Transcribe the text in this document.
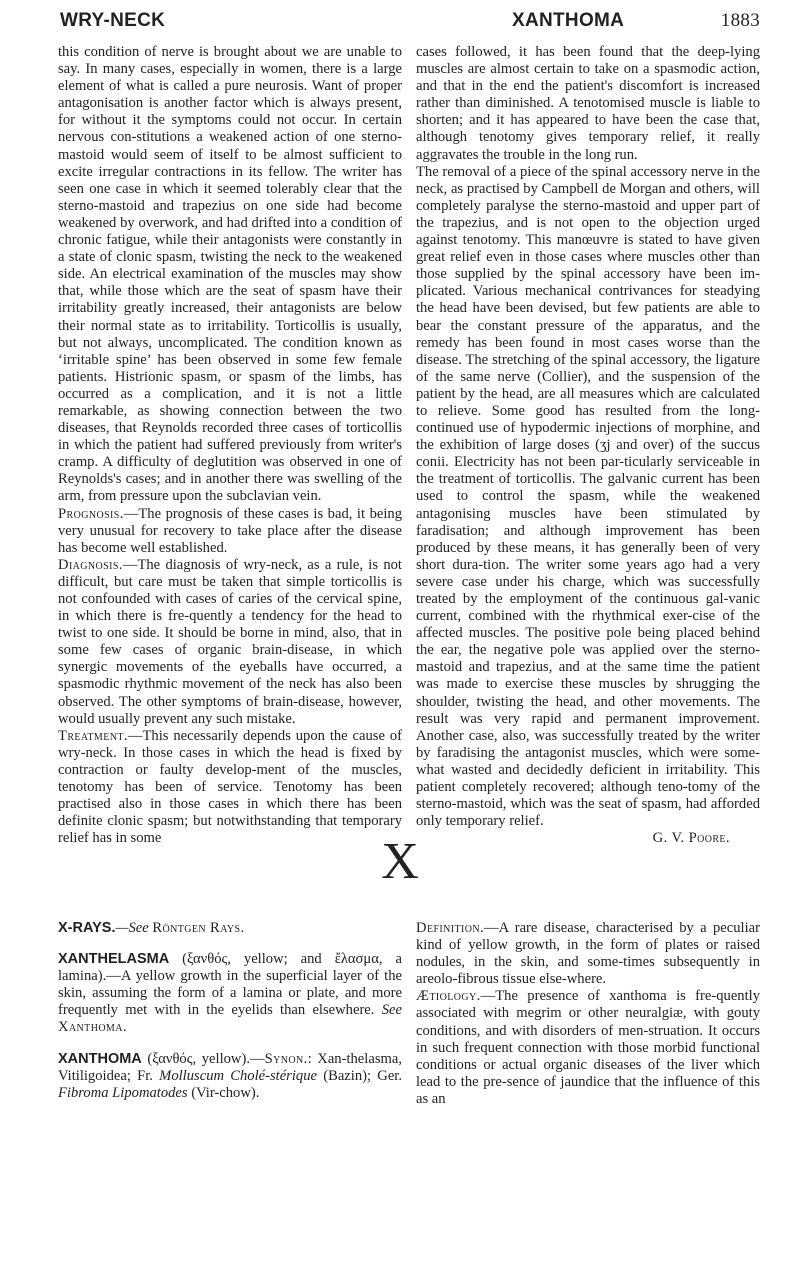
WRY-NECK	XANTHOMA	1883

this condition of nerve is brought about we are unable to say. In many cases, especially in women, there is a large element of what is called a pure neurosis. Want of proper antagonisation is another factor which is always present, for without it the symptoms could not occur. In certain nervous con-stitutions a weakened action of one sterno-mastoid would seem of itself to be almost sufficient to excite irregular contractions in its fellow. The writer has seen one case in which it seemed tolerably clear that the sterno-mastoid and trapezius on one side had become weakened by overwork, and had drifted into a condition of chronic fatigue, while their antagonists were constantly in a state of clonic spasm, twisting the neck to the weakened side. An electrical examination of the muscles may show that, while those which are the seat of spasm have their irritability greatly increased, their antagonists are below their normal state as to irritability. Torticollis is usually, but not always, uncomplicated. The condition known as ‘irritable spine’ has been observed in some few female patients. Histrionic spasm, or spasm of the limbs, has occurred as a complication, and it is not a little remarkable, as showing connection between the two diseases, that Reynolds recorded three cases of torticollis in which the patient had suffered previously from writer's cramp. A difficulty of deglutition was observed in one of Reynolds's cases; and in another there was swelling of the arm, from pressure upon the subclavian vein.

Prognosis.—The prognosis of these cases is bad, it being very unusual for recovery to take place after the disease has become well established.

Diagnosis.—The diagnosis of wry-neck, as a rule, is not difficult, but care must be taken that simple torticollis is not confounded with cases of caries of the cervical spine, in which there is fre-quently a tendency for the head to twist to one side. It should be borne in mind, also, that in some few cases of organic brain-disease, in which synergic movements of the eyeballs have occurred, a spasmodic rhythmic movement of the neck has also been observed. The other symptoms of brain-disease, however, would usually prevent any such mistake.

Treatment.—This necessarily depends upon the cause of wry-neck. In those cases in which the head is fixed by contraction or faulty develop-ment of the muscles, tenotomy has been of service. Tenotomy has been practised also in those cases in which there has been definite clonic spasm; but notwithstanding that temporary relief has in some

cases followed, it has been found that the deep-lying muscles are almost certain to take on a spasmodic action, and that in the end the patient's discomfort is increased rather than diminished. A tenotomised muscle is liable to shorten; and it has appeared to have been the case that, although tenotomy gives temporary relief, it really aggravates the trouble in the long run.

The removal of a piece of the spinal accessory nerve in the neck, as practised by Campbell de Morgan and others, will completely paralyse the sterno-mastoid and upper part of the trapezius, and is not open to the objection urged against tenotomy. This manœuvre is stated to have given great relief even in those cases where muscles other than those supplied by the spinal accessory have been im-plicated. Various mechanical contrivances for steadying the head have been devised, but few patients are able to bear the constant pressure of the apparatus, and the remedy has been found in most cases worse than the disease. The stretching of the spinal accessory, the ligature of the same nerve (Collier), and the suspension of the patient by the head, are all measures which are calculated to relieve. Some good has resulted from the long-continued use of hypodermic injections of morphine, and the exhibition of large doses (ʒj and over) of the succus conii. Electricity has not been par-ticularly serviceable in the treatment of torticollis. The galvanic current has been used to control the spasm, while the weakened antagonising muscles have been stimulated by faradisation; and although improvement has been produced by these means, it has generally been of very short dura-tion. The writer some years ago had a very severe case under his charge, which was successfully treated by the employment of the continuous gal-vanic current, combined with the rhythmical exer-cise of the affected muscles. The positive pole being placed behind the ear, the negative pole was applied over the sterno-mastoid and trapezius, and at the same time the patient was made to exercise these muscles by shrugging the shoulder, twisting the head, and other movements. The result was very rapid and permanent improvement. Another case, also, was successfully treated by the writer by faradising the antagonist muscles, which were some-what wasted and decidedly deficient in irritability. This patient completely recovered; although teno-tomy of the sterno-mastoid, which was the seat of spasm, had afforded only temporary relief.

G. V. Poore.

X

X-RAYS.—See Röntgen Rays.

XANTHELASMA (ξανθός, yellow; and ἔλασμα, a lamina).—A yellow growth in the superficial layer of the skin, assuming the form of a lamina or plate, and more frequently met with in the eyelids than elsewhere. See Xanthoma.

XANTHOMA (ξανθός, yellow).—Synon.: Xan-thelasma, Vitiligoidea; Fr. Molluscum Cholé-stérique (Bazin); Ger. Fibroma Lipomatodes (Vir-chow).

Definition.—A rare disease, characterised by a peculiar kind of yellow growth, in the form of plates or raised nodules, in the skin, and some-times subsequently in areolo-fibrous tissue else-where.

Ætiology.—The presence of xanthoma is fre-quently associated with megrim or other neuralgiæ, with gouty conditions, and with disorders of men-struation. It occurs in such frequent connection with those morbid functional conditions or actual organic diseases of the liver which lead to the pre-sence of jaundice that the influence of this as an
